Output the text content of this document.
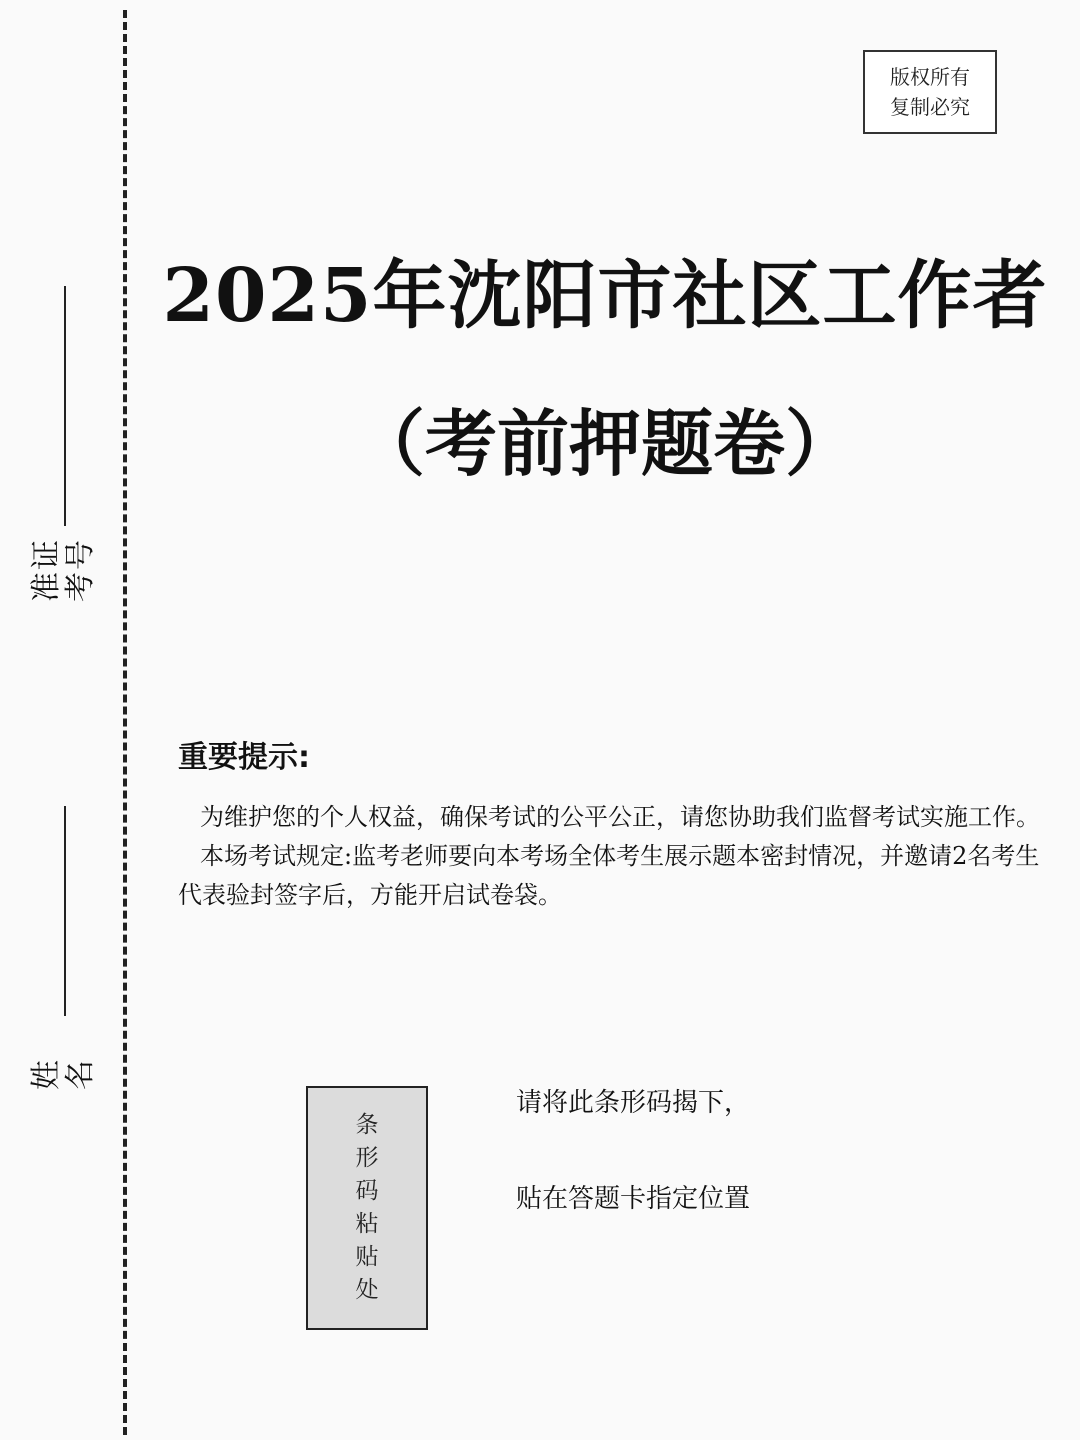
准证 考号
姓 名
版权所有
复制必究
2025年沈阳市社区工作者
（考前押题卷）
重要提示:

为维护您的个人权益，确保考试的公平公正，请您协助我们监督考试实施工作。

本场考试规定:监考老师要向本考场全体考生展示题本密封情况，并邀请2名考生代表验封签字后，方能开启试卷袋。

条
形
码
粘
贴
处
请将此条形码揭下，
贴在答题卡指定位置
